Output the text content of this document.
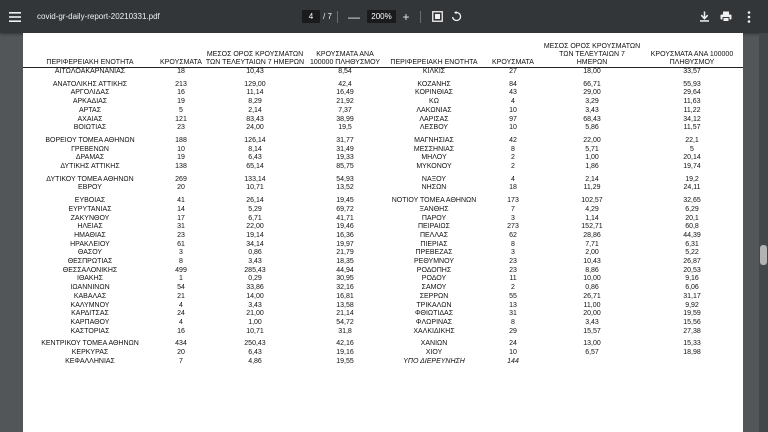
covid-gr-daily-report-20210331.pdf	4	/
7 —	200% +
ΠΕΡΙΦΕΡΕΙΑΚΗ ΕΝΟΤΗΤΑ	ΚΡΟΥΣΜΑΤΑ	ΜΕΣΟΣ ΟΡΟΣ ΚΡΟΥΣΜΑΤΩΝ ΤΩΝ ΤΕΛΕΥΤΑΙΩΝ 7 ΗΜΕΡΩΝ	ΚΡΟΥΣΜΑΤΑ ΑΝΑ 100000 ΠΛΗΘΥΣΜΟΥ	ΠΕΡΙΦΕΡΕΙΑΚΗ ΕΝΟΤΗΤΑ	ΚΡΟΥΣΜΑΤΑ	ΜΕΣΟΣ ΟΡΟΣ ΚΡΟΥΣΜΑΤΩΝ ΤΩΝ ΤΕΛΕΥΤΑΙΩΝ 7 ΗΜΕΡΩΝ	ΚΡΟΥΣΜΑΤΑ ΑΝΑ 100000 ΠΛΗΘΥΣΜΟΥ
ΑΙΤΩΛΟΑΚΑΡΝΑΝΙΑΣ	18	10,43	8,54	ΚΙΛΚΙΣ	27	18,00	33,57

ΑΝΑΤΟΛΙΚΗΣ ΑΤΤΙΚΗΣ	213	129,00	42,4	ΚΟΖΑΝΗΣ	84	66,71	55,93
ΑΡΓΟΛΙΔΑΣ	16	11,14	16,49	ΚΟΡΙΝΘΙΑΣ	43	29,00	29,64
ΑΡΚΑΔΙΑΣ	19	8,29	21,92	ΚΩ	4	3,29	11,63
ΑΡΤΑΣ	5	2,14	7,37	ΛΑΚΩΝΙΑΣ	10	3,43	11,22
ΑΧΑΪΑΣ	121	83,43	38,99	ΛΑΡΙΣΑΣ	97	68,43	34,12
ΒΟΙΩΤΙΑΣ	23	24,00	19,5	ΛΕΣΒΟΥ	10	5,86	11,57

ΒΟΡΕΙΟΥ ΤΟΜΕΑ ΑΘΗΝΩΝ	188	126,14	31,77	ΜΑΓΝΗΣΙΑΣ	42	22,00	22,1
ΓΡΕΒΕΝΩΝ	10	8,14	31,49	ΜΕΣΣΗΝΙΑΣ	8	5,71	5
ΔΡΑΜΑΣ	19	6,43	19,33	ΜΗΛΟΥ	2	1,00	20,14
ΔΥΤΙΚΗΣ ΑΤΤΙΚΗΣ	138	65,14	85,75	ΜΥΚΟΝΟΥ	2	1,86	19,74

ΔΥΤΙΚΟΥ ΤΟΜΕΑ ΑΘΗΝΩΝ	269	133,14	54,93	ΝΑΞΟΥ	4	2,14	19,2
ΕΒΡΟΥ	20	10,71	13,52	ΝΗΣΩΝ	18	11,29	24,11

ΕΥΒΟΙΑΣ	41	26,14	19,45	ΝΟΤΙΟΥ ΤΟΜΕΑ ΑΘΗΝΩΝ	173	102,57	32,65
ΕΥΡΥΤΑΝΙΑΣ	14	5,29	69,72	ΞΑΝΘΗΣ	7	4,29	6,29
ΖΑΚΥΝΘΟΥ	17	6,71	41,71	ΠΑΡΟΥ	3	1,14	20,1
ΗΛΕΙΑΣ	31	22,00	19,46	ΠΕΙΡΑΙΩΣ	273	152,71	60,8
ΗΜΑΘΙΑΣ	23	19,14	16,36	ΠΕΛΛΑΣ	62	28,86	44,39
ΗΡΑΚΛΕΙΟΥ	61	34,14	19,97	ΠΙΕΡΙΑΣ	8	7,71	6,31
ΘΑΣΟΥ	3	0,86	21,79	ΠΡΕΒΕΖΑΣ	3	2,00	5,22
ΘΕΣΠΡΩΤΙΑΣ	8	3,43	18,35	ΡΕΘΥΜΝΟΥ	23	10,43	26,87
ΘΕΣΣΑΛΟΝΙΚΗΣ	499	285,43	44,94	ΡΟΔΟΠΗΣ	23	8,86	20,53
ΙΘΑΚΗΣ	1	0,29	30,95	ΡΟΔΟΥ	11	10,00	9,16
ΙΩΑΝΝΙΝΩΝ	54	33,86	32,16	ΣΑΜΟΥ	2	0,86	6,06
ΚΑΒΑΛΑΣ	21	14,00	16,81	ΣΕΡΡΩΝ	55	26,71	31,17
ΚΑΛΥΜΝΟΥ	4	3,43	13,58	ΤΡΙΚΑΛΩΝ	13	11,00	9,92
ΚΑΡΔΙΤΣΑΣ	24	21,00	21,14	ΦΘΙΩΤΙΔΑΣ	31	20,00	19,59
ΚΑΡΠΑΘΟΥ	4	1,00	54,72	ΦΛΩΡΙΝΑΣ	8	3,43	15,56
ΚΑΣΤΟΡΙΑΣ	16	10,71	31,8	ΧΑΛΚΙΔΙΚΗΣ	29	15,57	27,38

ΚΕΝΤΡΙΚΟΥ ΤΟΜΕΑ ΑΘΗΝΩΝ	434	250,43	42,16	ΧΑΝΙΩΝ	24	13,00	15,33
ΚΕΡΚΥΡΑΣ	20	6,43	19,16	ΧΙΟΥ	10	6,57	18,98
ΚΕΦΑΛΛΗΝΙΑΣ	7	4,86	19,55	ΥΠΟ ΔΙΕΡΕΥΝΗΣΗ	144		
